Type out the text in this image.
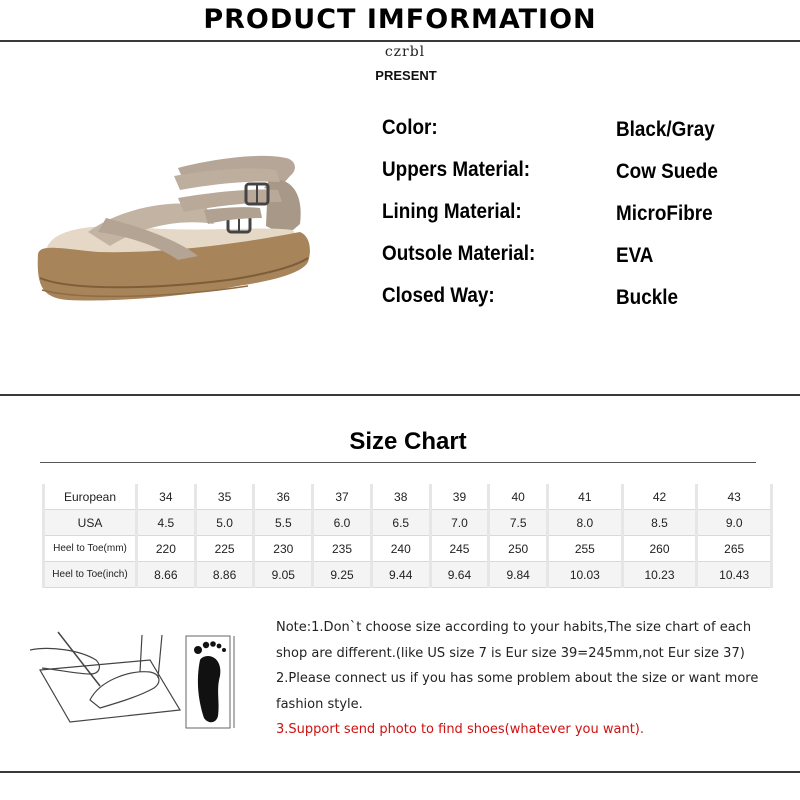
PRODUCT IMFORMATION
czrbl
PRESENT
Color:	Black/Gray
Uppers Material:	Cow Suede
Lining Material:	MicroFibre
Outsole Material:	EVA
Closed Way:	Buckle
Size Chart
European	34	35	36	37	38	39	40	41	42	43
USA	4.5	5.0	5.5	6.0	6.5	7.0	7.5	8.0	8.5	9.0
Heel to Toe(mm)	220	225	230	235	240	245	250	255	260	265
Heel to Toe(inch)	8.66	8.86	9.05	9.25	9.44	9.64	9.84	10.03	10.23	10.43
Note:1.Don`t choose size according to your habits,The size chart of each
shop are different.(like US size 7 is Eur size 39=245mm,not Eur size 37)
2.Please connect us if you has some problem about the size or want more
fashion style.
3.Support send photo to find shoes(whatever you want).
